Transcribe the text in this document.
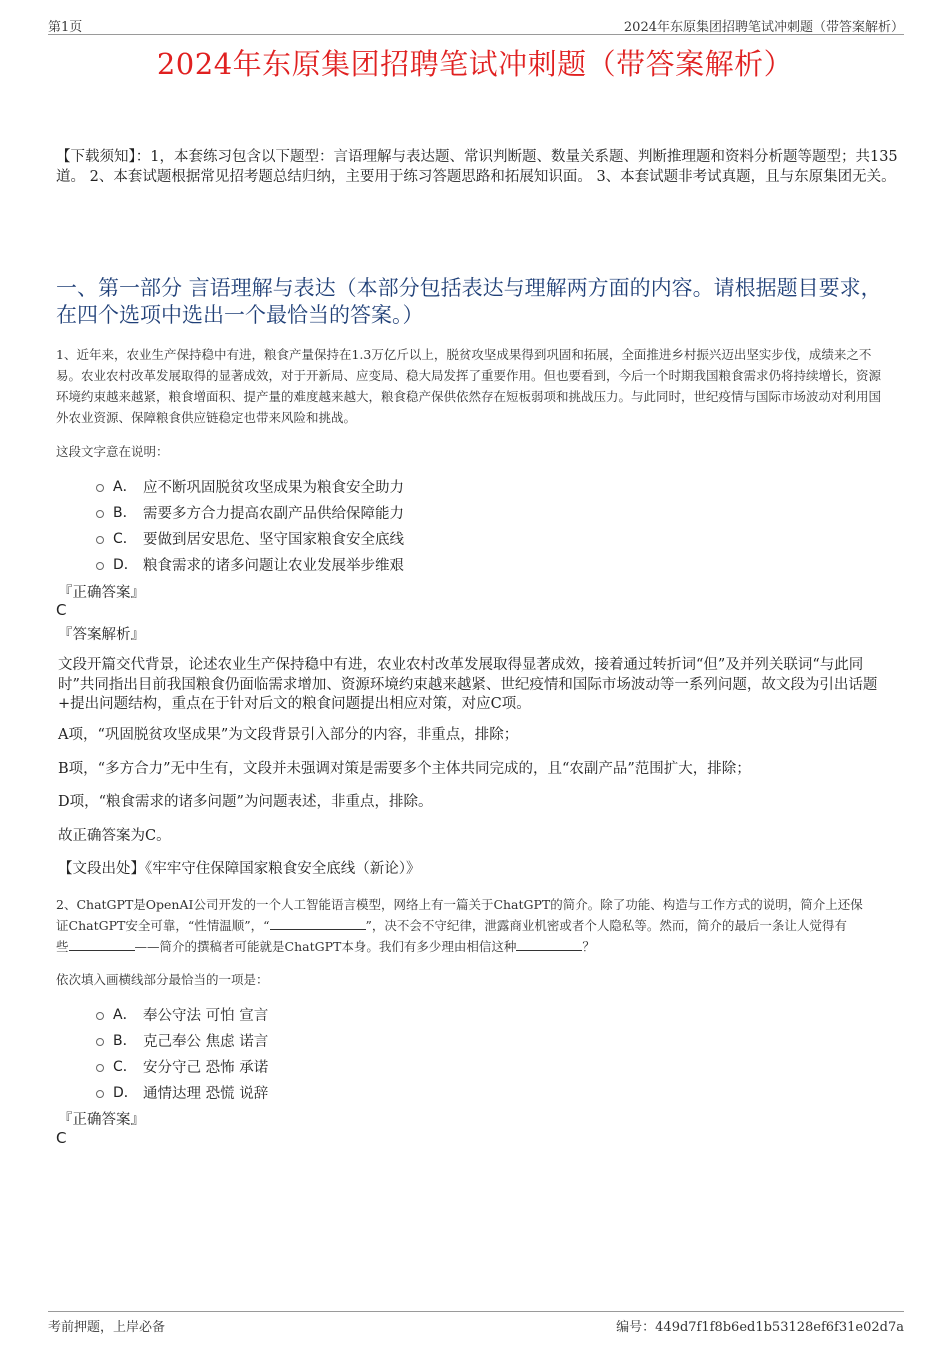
第1页	2024年东原集团招聘笔试冲刺题（带答案解析）
2024年东原集团招聘笔试冲刺题（带答案解析）
【下载须知】：1，本套练习包含以下题型：言语理解与表达题、常识判断题、数量关系题、判断推理题和资料分析题等题型；共135道。 2、本套试题根据常见招考题总结归纳，主要用于练习答题思路和拓展知识面。 3、本套试题非考试真题，且与东原集团无关。
一、第一部分 言语理解与表达（本部分包括表达与理解两方面的内容。请根据题目要求，在四个选项中选出一个最恰当的答案。）
1、近年来，农业生产保持稳中有进，粮食产量保持在1.3万亿斤以上，脱贫攻坚成果得到巩固和拓展，全面推进乡村振兴迈出坚实步伐，成绩来之不易。农业农村改革发展取得的显著成效，对于开新局、应变局、稳大局发挥了重要作用。但也要看到，今后一个时期我国粮食需求仍将持续增长，资源环境约束越来越紧，粮食增面积、提产量的难度越来越大，粮食稳产保供依然存在短板弱项和挑战压力。与此同时，世纪疫情与国际市场波动对利用国外农业资源、保障粮食供应链稳定也带来风险和挑战。
这段文字意在说明：
A． 应不断巩固脱贫攻坚成果为粮食安全助力
B． 需要多方合力提高农副产品供给保障能力
C． 要做到居安思危、坚守国家粮食安全底线
D． 粮食需求的诸多问题让农业发展举步维艰
『正确答案』
C
『答案解析』
文段开篇交代背景，论述农业生产保持稳中有进，农业农村改革发展取得显著成效，接着通过转折词“但”及并列关联词“与此同时”共同指出目前我国粮食仍面临需求增加、资源环境约束越来越紧、世纪疫情和国际市场波动等一系列问题，故文段为引出话题+提出问题结构，重点在于针对后文的粮食问题提出相应对策，对应C项。
A项，“巩固脱贫攻坚成果”为文段背景引入部分的内容，非重点，排除；
B项，“多方合力”无中生有，文段并未强调对策是需要多个主体共同完成的，且“农副产品”范围扩大，排除；
D项，“粮食需求的诸多问题”为问题表述，非重点，排除。
故正确答案为C。
【文段出处】《牢牢守住保障国家粮食安全底线（新论）》
2、ChatGPT是OpenAI公司开发的一个人工智能语言模型，网络上有一篇关于ChatGPT的简介。除了功能、构造与工作方式的说明，简介上还保
证ChatGPT安全可靠，“性情温顺”，“	”，决不会不守纪律，泄露商业机密或者个人隐私等。然而，简介的最后一条让人觉得有
些	——简介的撰稿者可能就是ChatGPT本身。我们有多少理由相信这种	？
依次填入画横线部分最恰当的一项是：
A． 奉公守法 可怕 宣言
B． 克己奉公 焦虑 诺言
C． 安分守己 恐怖 承诺
D． 通情达理 恐慌 说辞
『正确答案』
C
考前押题，上岸必备	编号：449d7f1f8b6ed1b53128ef6f31e02d7a
